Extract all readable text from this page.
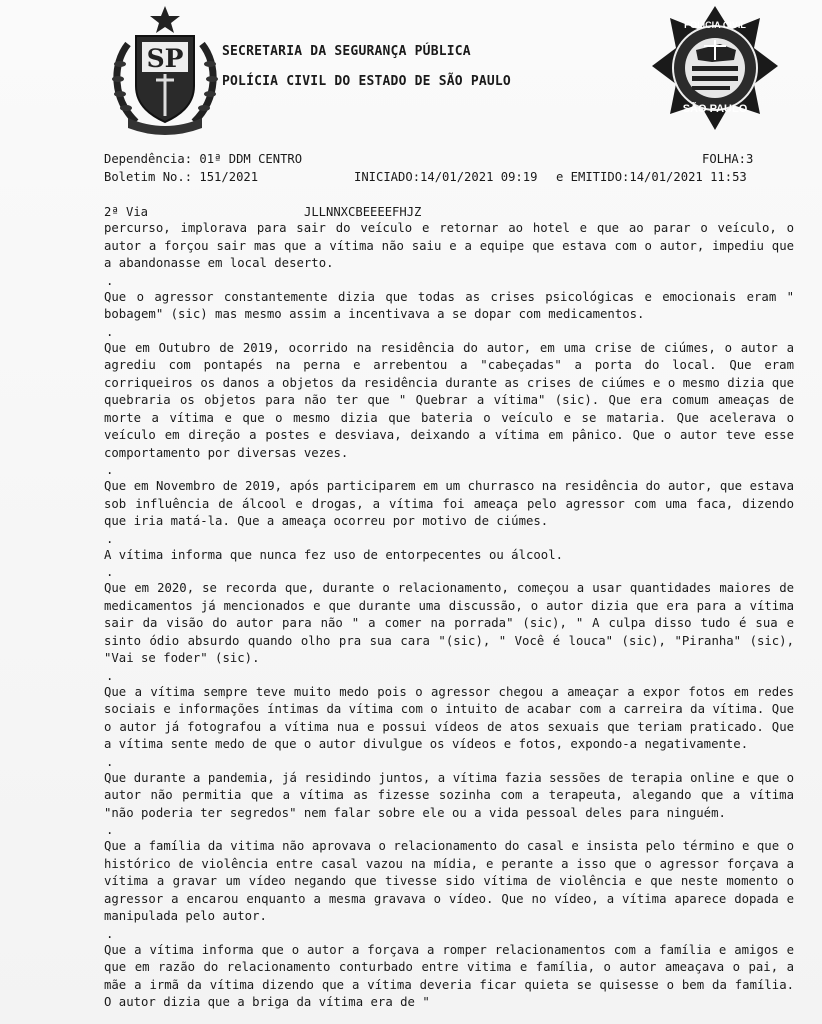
SP	SECRETARIA DA SEGURANÇA PÚBLICA
POLÍCIA CIVIL DO ESTADO DE SÃO PAULO
POLICIA CIVIL
SÃO PAULO
Dependência: 01ª DDM CENTRO	FOLHA:3
Boletim No.: 151/2021	INICIADO:14/01/2021 09:19 e EMITIDO:14/01/2021 11:53
2ª Via	JLLNNXCBEEEEFHJZ

percurso, implorava para sair do veículo e retornar ao hotel e que ao parar o veículo, o autor a forçou sair mas que a vítima não saiu e a equipe que estava com o autor, impediu que a abandonasse em local deserto.

.

Que o agressor constantemente dizia que todas as crises psicológicas e emocionais eram " bobagem" (sic) mas mesmo assim a incentivava a se dopar com medicamentos.

.

Que em Outubro de 2019, ocorrido na residência do autor, em uma crise de ciúmes, o autor a agrediu com pontapés na perna e arrebentou a "cabeçadas" a porta do local. Que eram corriqueiros os danos a objetos da residência durante as crises de ciúmes e o mesmo dizia que quebraria os objetos para não ter que " Quebrar a vítima" (sic). Que era comum ameaças de morte a vítima e que o mesmo dizia que bateria o veículo e se mataria. Que acelerava o veículo em direção a postes e desviava, deixando a vítima em pânico. Que o autor teve esse comportamento por diversas vezes.

.

Que em Novembro de 2019, após participarem em um churrasco na residência do autor, que estava sob influência de álcool e drogas, a vítima foi ameaça pelo agressor com uma faca, dizendo que iria matá-la. Que a ameaça ocorreu por motivo de ciúmes.

.

A vítima informa que nunca fez uso de entorpecentes ou álcool.

.

Que em 2020, se recorda que, durante o relacionamento, começou a usar quantidades maiores de medicamentos já mencionados e que durante uma discussão, o autor dizia que era para a vítima sair da visão do autor para não " a comer na porrada" (sic), " A culpa disso tudo é sua e sinto ódio absurdo quando olho pra sua cara "(sic), " Você é louca" (sic), "Piranha" (sic), "Vai se foder" (sic).

.

Que a vítima sempre teve muito medo pois o agressor chegou a ameaçar a expor fotos em redes sociais e informações íntimas da vítima com o intuito de acabar com a carreira da vítima. Que o autor já fotografou a vítima nua e possui vídeos de atos sexuais que teriam praticado. Que a vítima sente medo de que o autor divulgue os vídeos e fotos, expondo-a negativamente.

.

Que durante a pandemia, já residindo juntos, a vítima fazia sessões de terapia online e que o autor não permitia que a vítima as fizesse sozinha com a terapeuta, alegando que a vítima "não poderia ter segredos" nem falar sobre ele ou a vida pessoal deles para ninguém.

.

Que a família da vitima não aprovava o relacionamento do casal e insista pelo término e que o histórico de violência entre casal vazou na mídia, e perante a isso que o agressor forçava a vítima a gravar um vídeo negando que tivesse sido vítima de violência e que neste momento o agressor a encarou enquanto a mesma gravava o vídeo. Que no vídeo, a vítima aparece dopada e manipulada pelo autor.

.

Que a vítima informa que o autor a forçava a romper relacionamentos com a família e amigos e que em razão do relacionamento conturbado entre vitima e família, o autor ameaçava o pai, a mãe a irmã da vítima dizendo que a vítima deveria ficar quieta se quisesse o bem da família. O autor dizia que a briga da vítima era de "
